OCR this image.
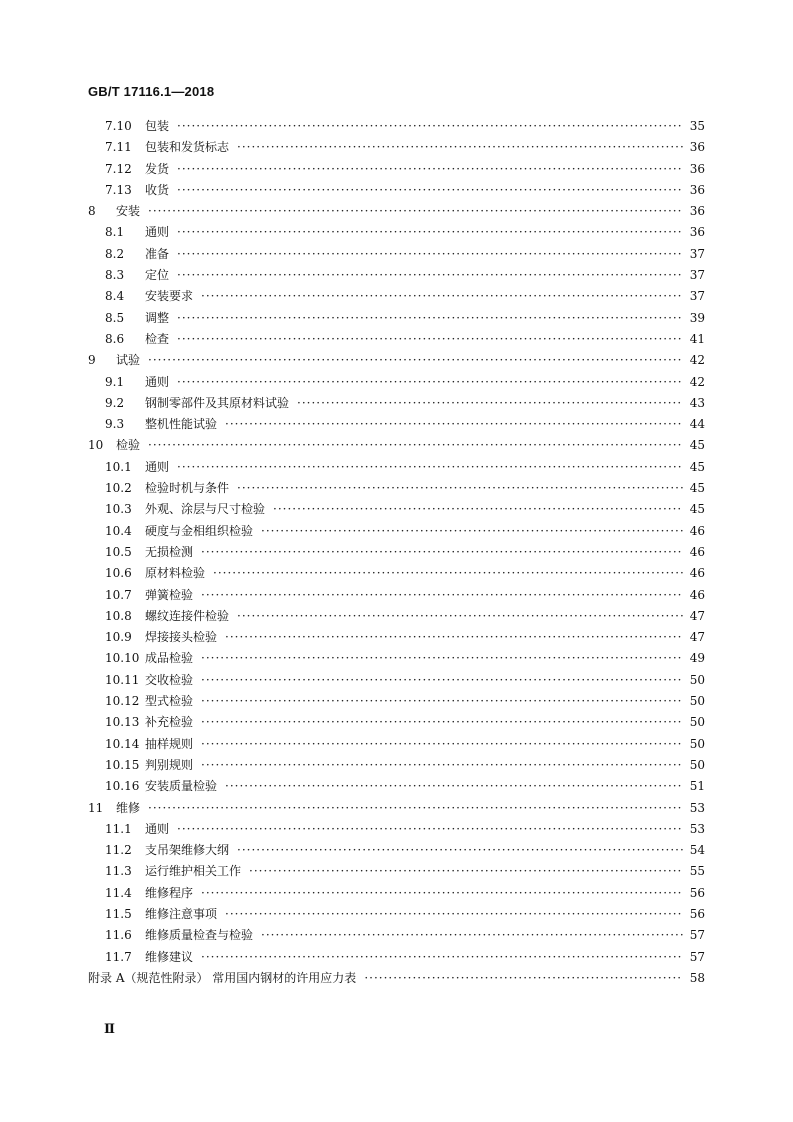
GB/T 17116.1—2018
7.10	包装 ·····	35
7.11	包装和发货标志 ·····	36
7.12	发货 ·····	36
7.13	收货 ·····	36
8	安装 ·····	36
8.1	通则 ·····	36
8.2	准备 ·····	37
8.3	定位 ·····	37
8.4	安装要求 ·····	37
8.5	调整 ·····	39
8.6	检查 ·····	41
9	试验 ·····	42
9.1	通则 ·····	42
9.2	钢制零部件及其原材料试验 ·····	43
9.3	整机性能试验 ·····	44
10	检验 ·····	45
10.1	通则 ·····	45
10.2	检验时机与条件 ·····	45
10.3	外观、涂层与尺寸检验 ·····	45
10.4	硬度与金相组织检验 ·····	46
10.5	无损检测 ·····	46
10.6	原材料检验 ·····	46
10.7	弹簧检验 ·····	46
10.8	螺纹连接件检验 ·····	47
10.9	焊接接头检验 ·····	47
10.10 成品检验 ·····	49
10.11 交收检验 ·····	50
10.12 型式检验 ·····	50
10.13 补充检验 ·····	50
10.14 抽样规则 ·····	50
10.15 判别规则 ·····	50
10.16 安装质量检验 ·····	51
11	维修 ·····	53
11.1	通则 ·····	53
11.2	支吊架维修大纲 ·····	54
11.3	运行维护相关工作 ·····	55
11.4	维修程序 ·····	56
11.5	维修注意事项 ·····	56
11.6	维修质量检查与检验 ·····	57
11.7	维修建议 ·····	57
附录 A （规范性附录） 常用国内钢材的许用应力表 ·····	58
Ⅱ
